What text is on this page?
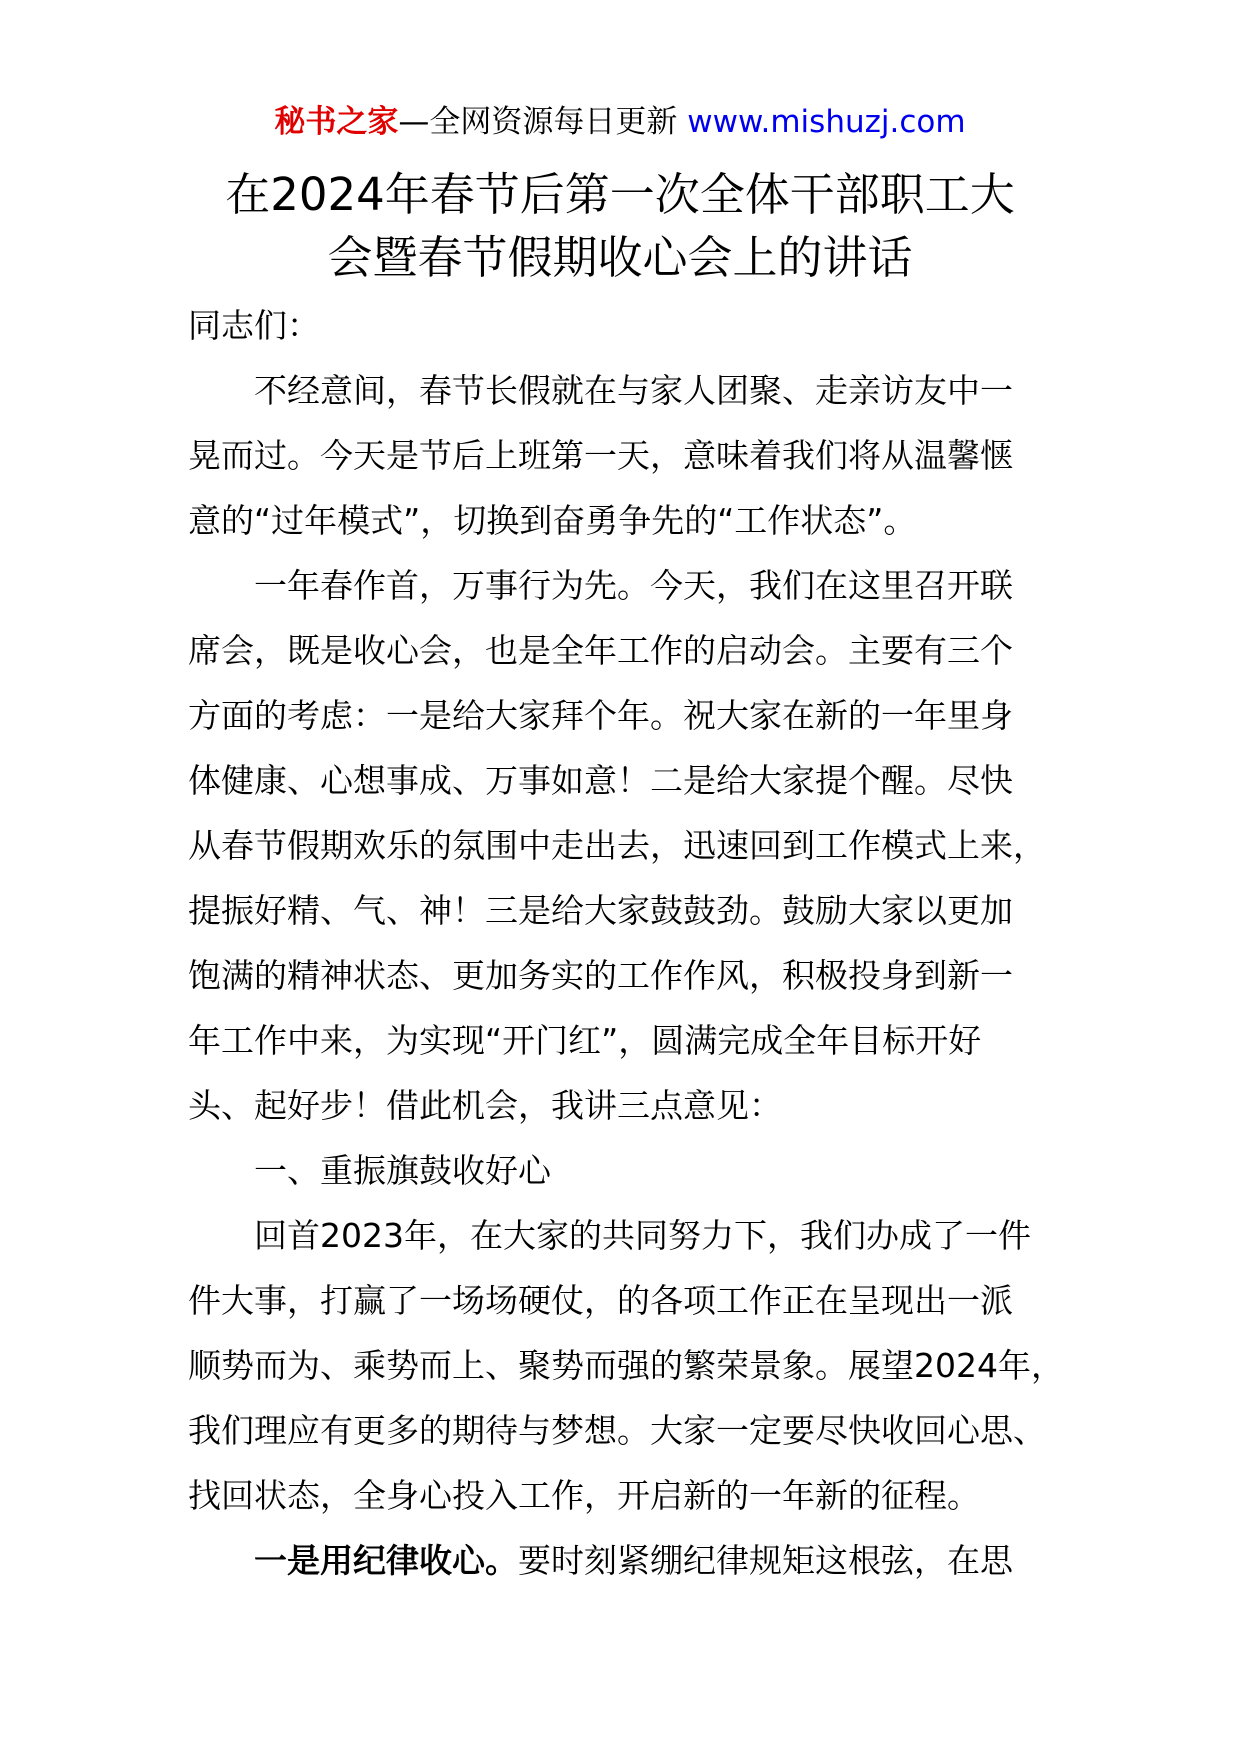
秘书之家—全网资源每日更新 www.mishuzj.com
在2024年春节后第一次全体干部职工大
会暨春节假期收心会上的讲话
同志们：
不经意间，春节长假就在与家人团聚、走亲访友中一
晃而过。今天是节后上班第一天，意味着我们将从温馨惬
意的“过年模式”，切换到奋勇争先的“工作状态”。
一年春作首，万事行为先。今天，我们在这里召开联
席会，既是收心会，也是全年工作的启动会。主要有三个
方面的考虑：一是给大家拜个年。祝大家在新的一年里身
体健康、心想事成、万事如意！二是给大家提个醒。尽快
从春节假期欢乐的氛围中走出去，迅速回到工作模式上来，
提振好精、气、神！三是给大家鼓鼓劲。鼓励大家以更加
饱满的精神状态、更加务实的工作作风，积极投身到新一
年工作中来，为实现“开门红”，圆满完成全年目标开好
头、起好步！借此机会，我讲三点意见：
一、重振旗鼓收好心
回首2023年，在大家的共同努力下，我们办成了一件
件大事，打赢了一场场硬仗，的各项工作正在呈现出一派
顺势而为、乘势而上、聚势而强的繁荣景象。展望2024年，
我们理应有更多的期待与梦想。大家一定要尽快收回心思、
找回状态，全身心投入工作，开启新的一年新的征程。
一是用纪律收心。要时刻紧绷纪律规矩这根弦，在思
